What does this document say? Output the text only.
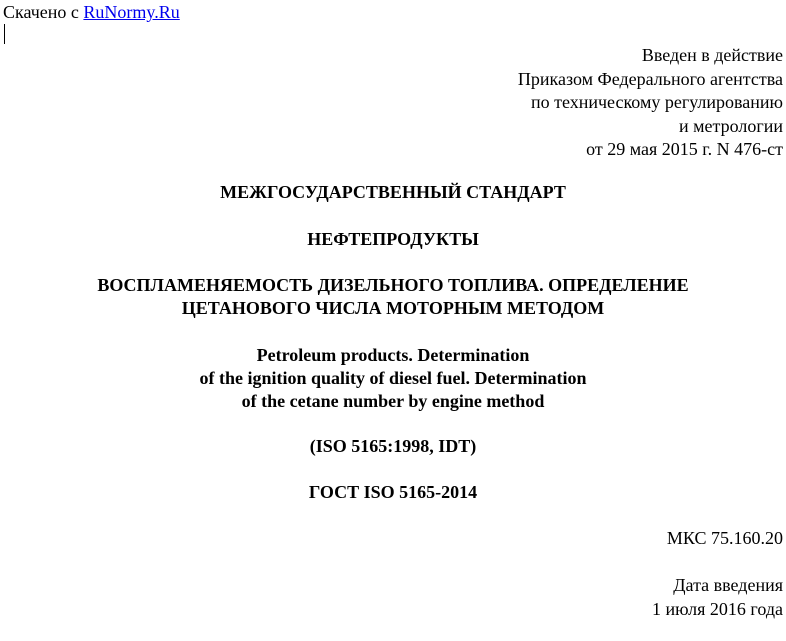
Скачено с RuNormy.Ru
Введен в действие
Приказом Федерального агентства
по техническому регулированию
и метрологии
от 29 мая 2015 г. N 476-ст
МЕЖГОСУДАРСТВЕННЫЙ СТАНДАРТ
НЕФТЕПРОДУКТЫ
ВОСПЛАМЕНЯЕМОСТЬ ДИЗЕЛЬНОГО ТОПЛИВА. ОПРЕДЕЛЕНИЕ
ЦЕТАНОВОГО ЧИСЛА МОТОРНЫМ МЕТОДОМ
Petroleum products. Determination
of the ignition quality of diesel fuel. Determination
of the cetane number by engine method
(ISO 5165:1998, IDT)
ГОСТ ISO 5165-2014
МКС 75.160.20
Дата введения
1 июля 2016 года
